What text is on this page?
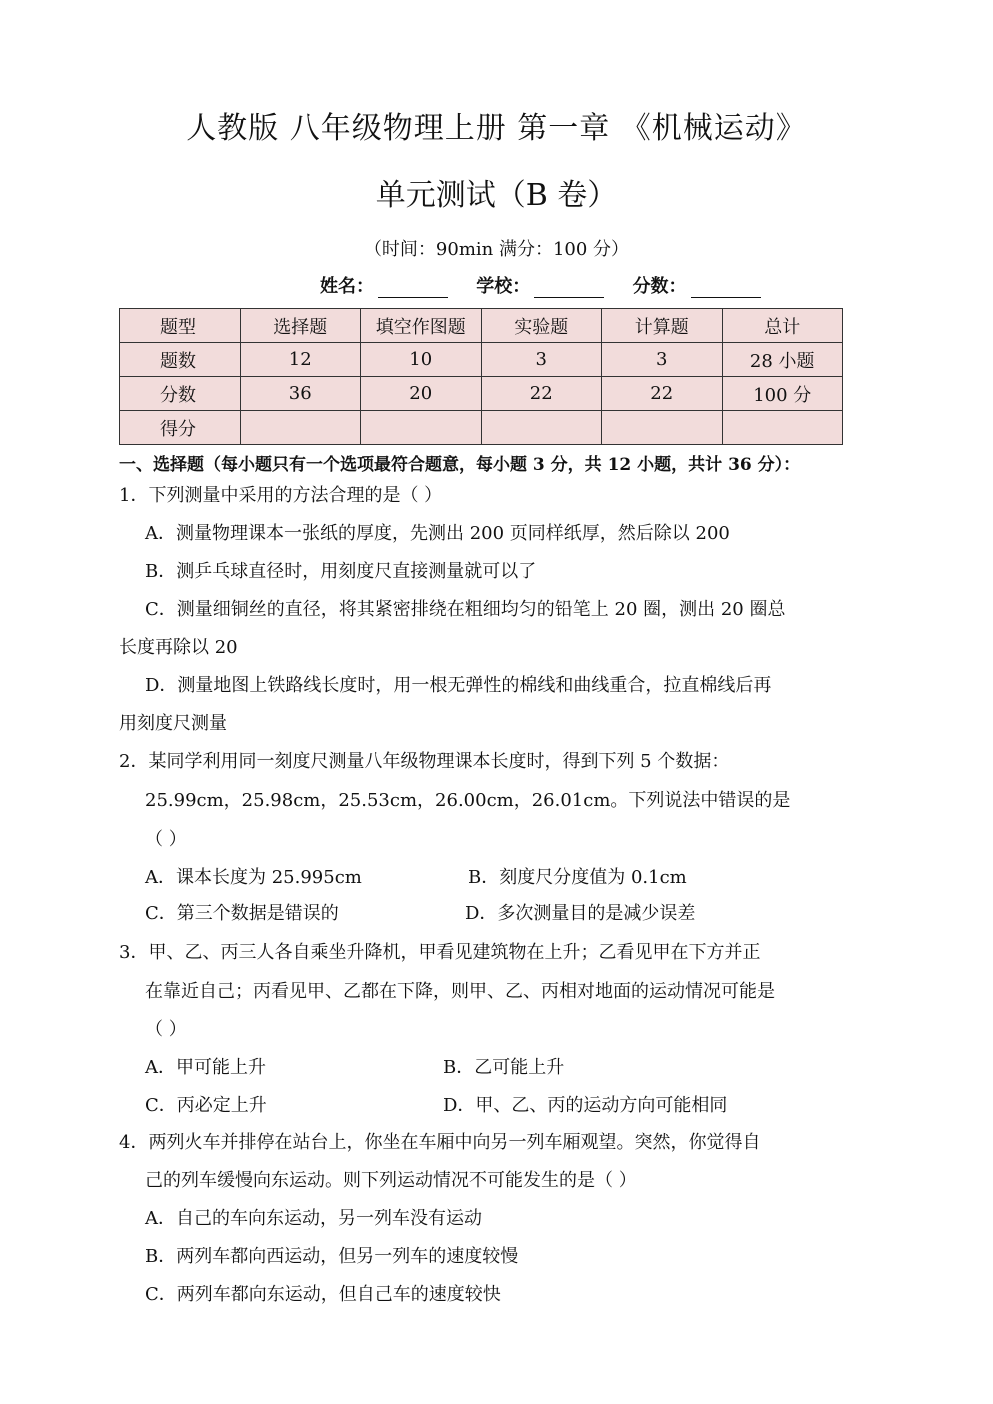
人教版 八年级物理上册 第一章 《机械运动》
单元测试（B 卷）
（时间：90min 满分：100 分）
姓名：	学校：	分数：
题型	选择题	填空作图题	实验题	计算题	总计
题数	12	10	3	3	28 小题
分数	36	20	22	22	100 分
得分					
一、选择题（每小题只有一个选项最符合题意，每小题 3 分，共 12 小题，共计 36 分）：
1．下列测量中采用的方法合理的是（ ）
A．测量物理课本一张纸的厚度，先测出 200 页同样纸厚，然后除以 200
B．测乒乓球直径时，用刻度尺直接测量就可以了
C．测量细铜丝的直径，将其紧密排绕在粗细均匀的铅笔上 20 圈，测出 20 圈总
长度再除以 20
D．测量地图上铁路线长度时，用一根无弹性的棉线和曲线重合，拉直棉线后再
用刻度尺测量
2．某同学利用同一刻度尺测量八年级物理课本长度时，得到下列 5 个数据：
25.99cm，25.98cm，25.53cm，26.00cm，26.01cm。下列说法中错误的是
（ ）
A．课本长度为 25.995cm	B．刻度尺分度值为 0.1cm
C．第三个数据是错误的	D．多次测量目的是减少误差
3．甲、乙、丙三人各自乘坐升降机，甲看见建筑物在上升；乙看见甲在下方并正
在靠近自己；丙看见甲、乙都在下降，则甲、乙、丙相对地面的运动情况可能是
（ ）
A．甲可能上升	B．乙可能上升
C．丙必定上升	D．甲、乙、丙的运动方向可能相同
4．两列火车并排停在站台上，你坐在车厢中向另一列车厢观望。突然，你觉得自
己的列车缓慢向东运动。则下列运动情况不可能发生的是（ ）
A．自己的车向东运动，另一列车没有运动
B．两列车都向西运动，但另一列车的速度较慢
C．两列车都向东运动，但自己车的速度较快
